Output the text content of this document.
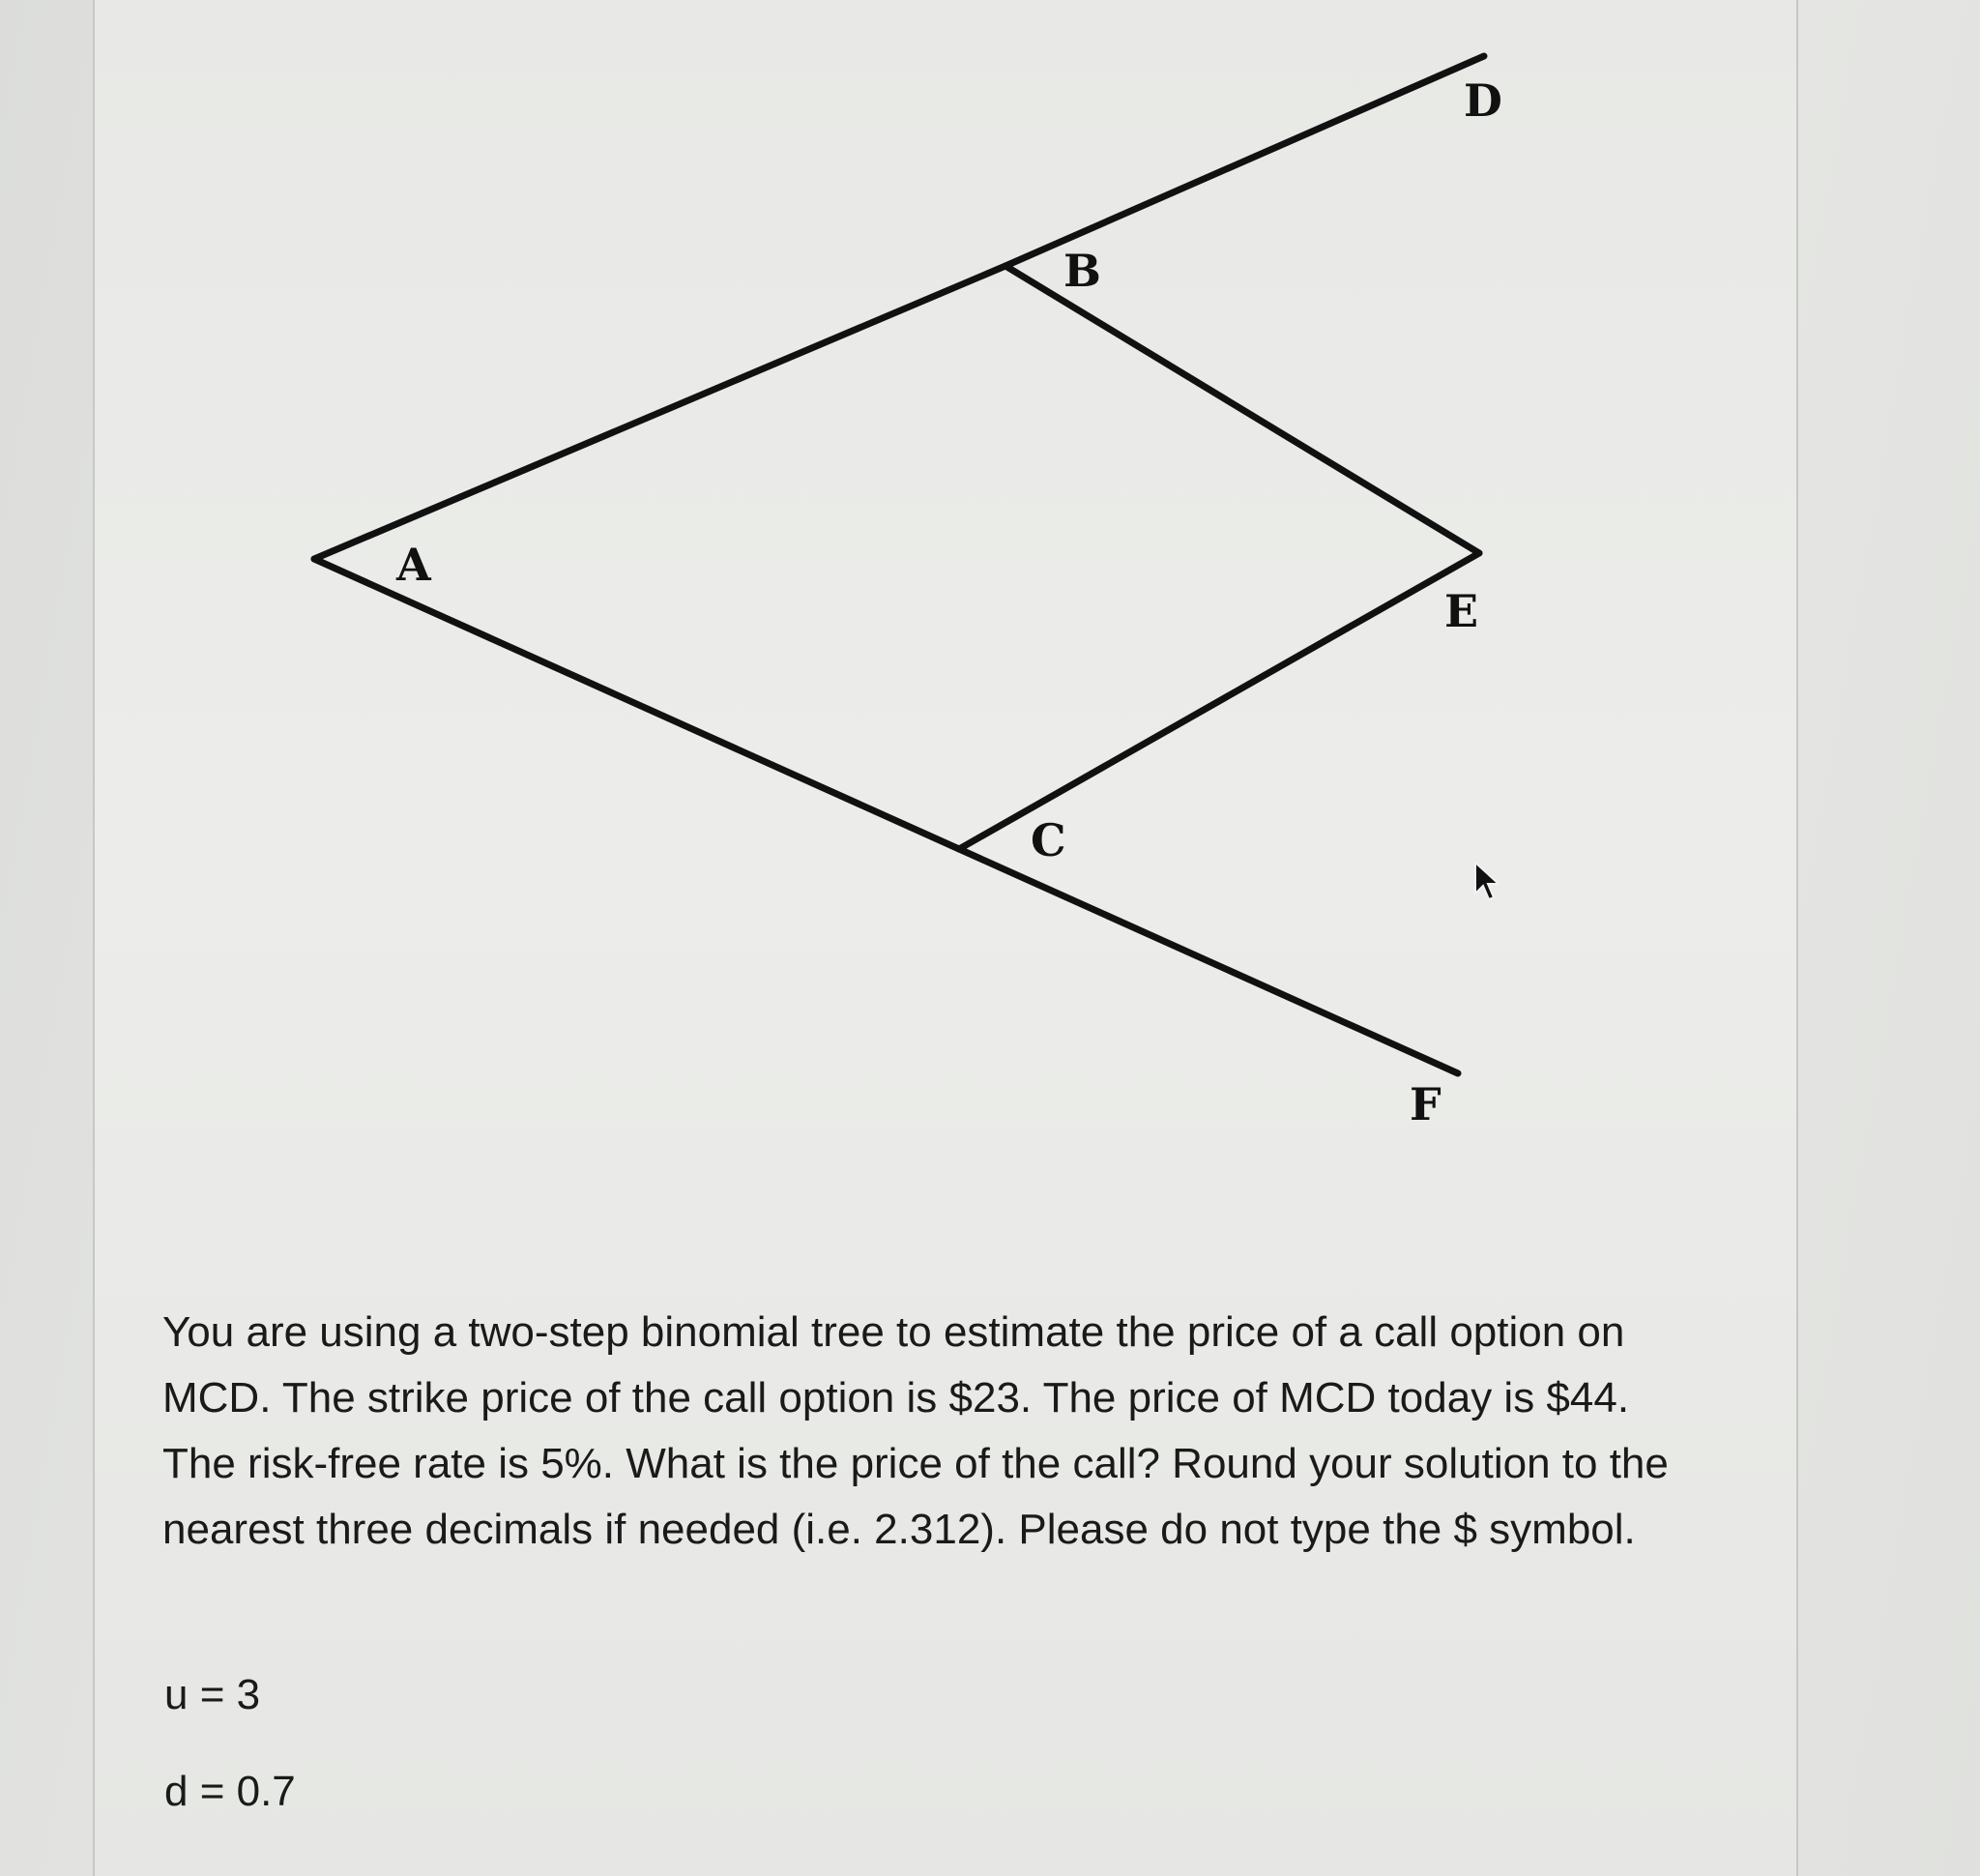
A
B
C
D
E
F

You are using a two-step binomial tree to estimate the price of a call option on MCD. The strike price of the call option is $23. The price of MCD today is $44. The risk-free rate is 5%. What is the price of the call? Round your solution to the nearest three decimals if needed (i.e. 2.312). Please do not type the $ symbol.

u = 3

d = 0.7
